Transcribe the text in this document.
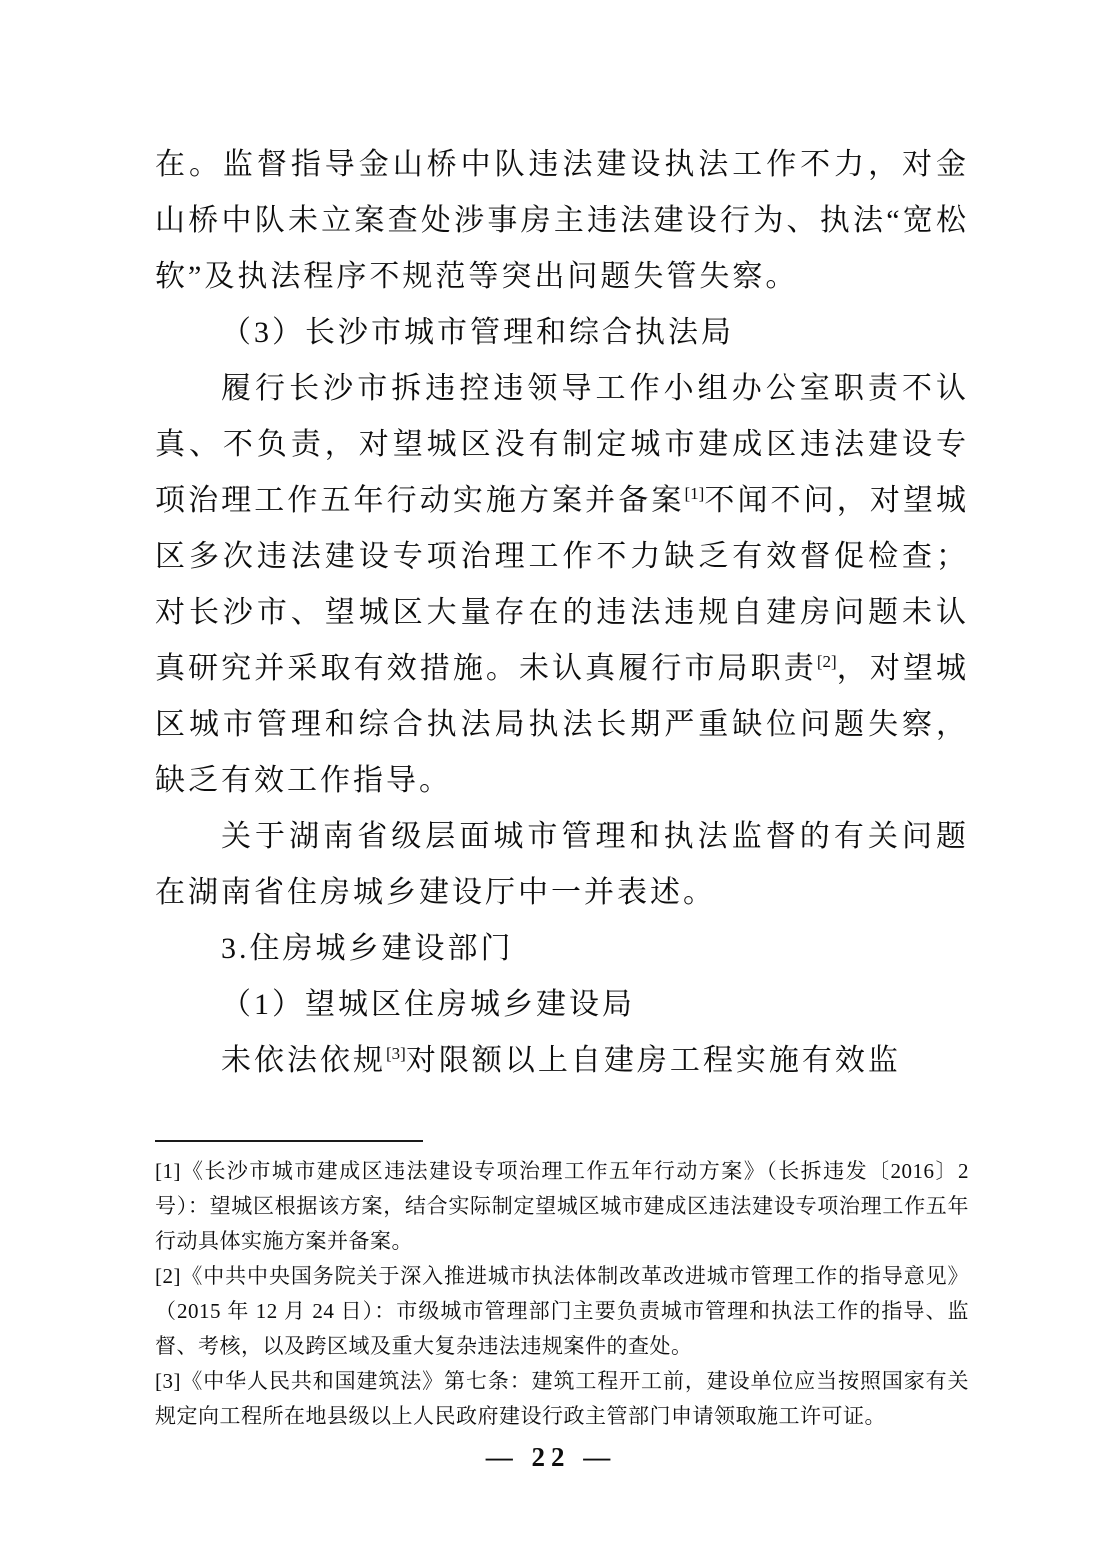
在。监督指导金山桥中队违法建设执法工作不力，对金山桥中队未立案查处涉事房主违法建设行为、执法“宽松软”及执法程序不规范等突出问题失管失察。

（3）长沙市城市管理和综合执法局

履行长沙市拆违控违领导工作小组办公室职责不认真、不负责，对望城区没有制定城市建成区违法建设专项治理工作五年行动实施方案并备案[1]不闻不问，对望城区多次违法建设专项治理工作不力缺乏有效督促检查；对长沙市、望城区大量存在的违法违规自建房问题未认真研究并采取有效措施。未认真履行市局职责[2]，对望城区城市管理和综合执法局执法长期严重缺位问题失察，缺乏有效工作指导。

关于湖南省级层面城市管理和执法监督的有关问题在湖南省住房城乡建设厅中一并表述。

3.住房城乡建设部门

（1）望城区住房城乡建设局

未依法依规[3]对限额以上自建房工程实施有效监

[1]《长沙市城市建成区违法建设专项治理工作五年行动方案》（长拆违发〔2016〕2 号）：望城区根据该方案，结合实际制定望城区城市建成区违法建设专项治理工作五年行动具体实施方案并备案。

[2]《中共中央国务院关于深入推进城市执法体制改革改进城市管理工作的指导意见》（2015 年 12 月 24 日）：市级城市管理部门主要负责城市管理和执法工作的指导、监督、考核，以及跨区域及重大复杂违法违规案件的查处。

[3]《中华人民共和国建筑法》第七条：建筑工程开工前，建设单位应当按照国家有关规定向工程所在地县级以上人民政府建设行政主管部门申请领取施工许可证。

— 22 —
